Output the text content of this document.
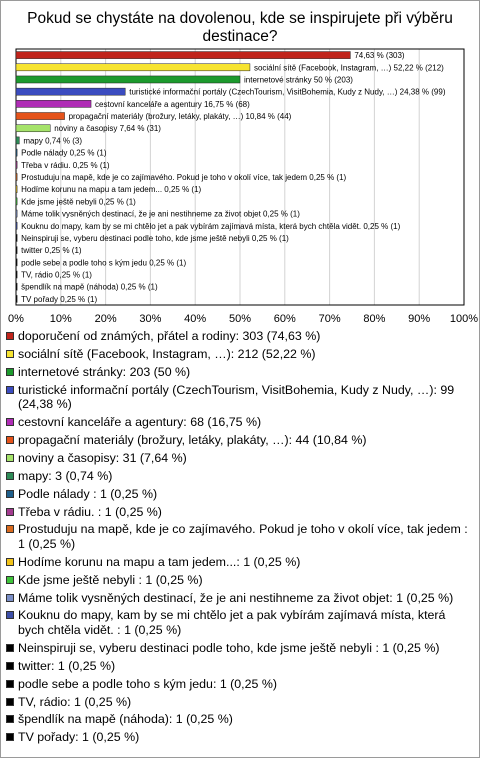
Pokud se chystáte na dovolenou, kde se inspirujete při výběru destinace?
0% 10% 20% 30% 40% 50% 60% 70% 80% 90% 100%
74,63 % (303)
sociální sítě (Facebook, Instagram, …) 52,22 % (212)
internetové stránky 50 % (203)
turistické informační portály (CzechTourism, VisitBohemia, Kudy z Nudy, …) 24,38 % (99)
cestovní kanceláře a agentury 16,75 % (68)
propagační materiály (brožury, letáky, plakáty, …) 10,84 % (44)
noviny a časopisy 7,64 % (31)
mapy 0,74 % (3)
Podle nálady 0,25 % (1)
Třeba v rádiu. 0,25 % (1)
Prostuduju na mapě, kde je co zajímavého. Pokud je toho v okolí více, tak jedem 0,25 % (1)
Hodíme korunu na mapu a tam jedem... 0,25 % (1)
Kde jsme ještě nebyli 0,25 % (1)
Máme tolik vysněných destinací, že je ani nestihneme za život objet 0,25 % (1)
Kouknu do mapy, kam by se mi chtělo jet a pak vybírám zajímavá místa, která bych chtěla vidět. 0,25 % (1)
Neinspiruji se, vyberu destinaci podle toho, kde jsme ještě nebyli 0,25 % (1)
twitter 0,25 % (1)
podle sebe a podle toho s kým jedu 0,25 % (1)
TV, rádio 0,25 % (1)
špendlík na mapě (náhoda) 0,25 % (1)
TV pořady 0,25 % (1)
doporučení od známých, přátel a rodiny: 303 (74,63 %)
sociální sítě (Facebook, Instagram, …): 212 (52,22 %)
internetové stránky: 203 (50 %)
turistické informační portály (CzechTourism, VisitBohemia, Kudy z Nudy, …): 99 (24,38 %)
cestovní kanceláře a agentury: 68 (16,75 %)
propagační materiály (brožury, letáky, plakáty, …): 44 (10,84 %)
noviny a časopisy: 31 (7,64 %)
mapy: 3 (0,74 %)
Podle nálady : 1 (0,25 %)
Třeba v rádiu. : 1 (0,25 %)
Prostuduju na mapě, kde je co zajímavého. Pokud je toho v okolí více, tak jedem : 1 (0,25 %)
Hodíme korunu na mapu a tam jedem...: 1 (0,25 %)
Kde jsme ještě nebyli : 1 (0,25 %)
Máme tolik vysněných destinací, že je ani nestihneme za život objet: 1 (0,25 %)
Kouknu do mapy, kam by se mi chtělo jet a pak vybírám zajímavá místa, která bych chtěla vidět. : 1 (0,25 %)
Neinspiruji se, vyberu destinaci podle toho, kde jsme ještě nebyli : 1 (0,25 %)
twitter: 1 (0,25 %)
podle sebe a podle toho s kým jedu: 1 (0,25 %)
TV, rádio: 1 (0,25 %)
špendlík na mapě (náhoda): 1 (0,25 %)
TV pořady: 1 (0,25 %)
